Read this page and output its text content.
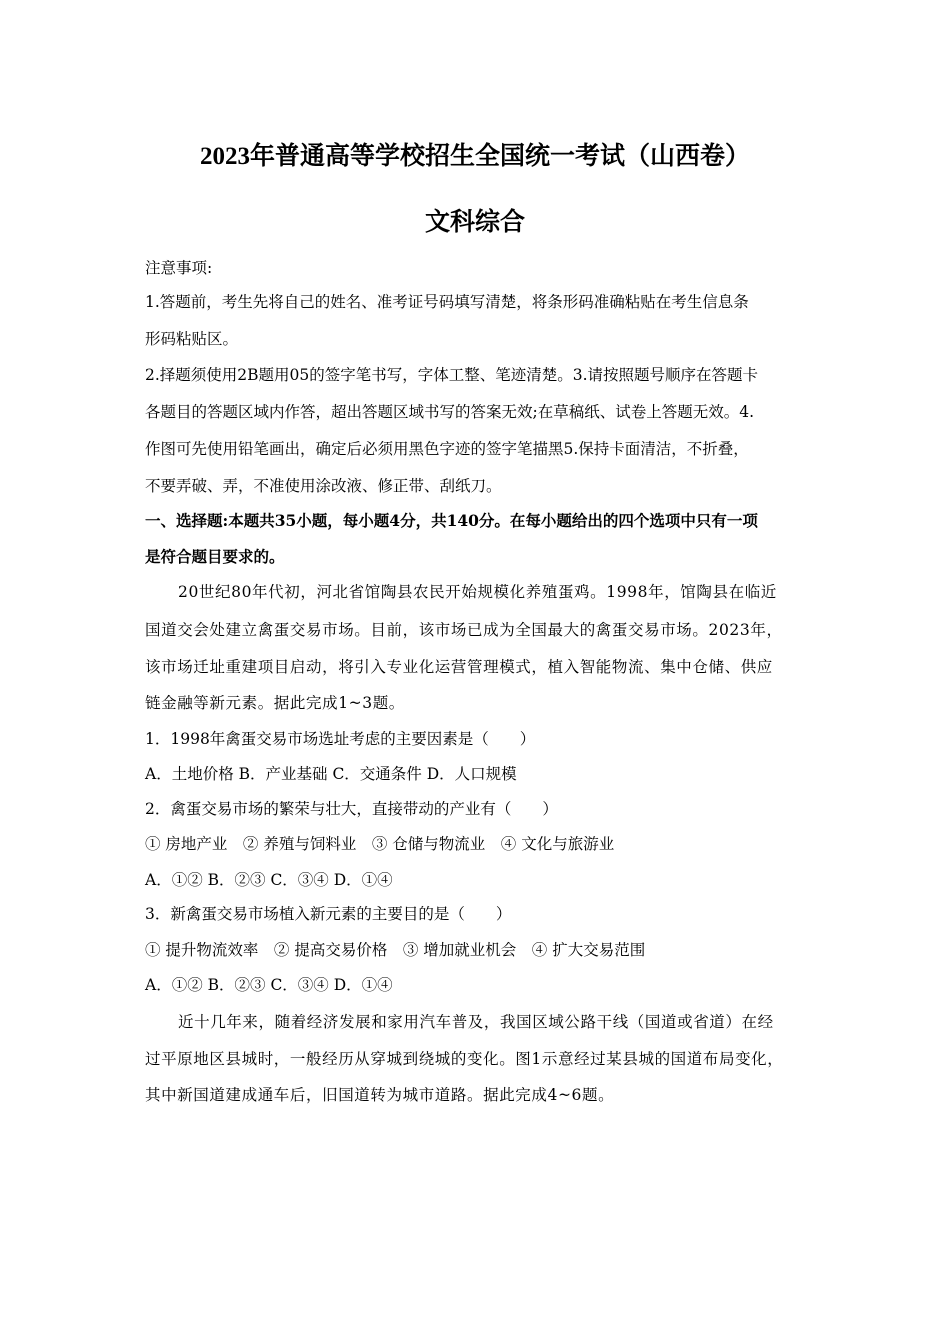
2023年普通高等学校招生全国统一考试（山西卷）
文科综合
注意事项:
1.答题前，考生先将自己的姓名、准考证号码填写清楚，将条形码准确粘贴在考生信息条
形码粘贴区。
2.择题须使用2B题用05的签字笔书写，字体工整、笔迹清楚。3.请按照题号顺序在答题卡
各题目的答题区域内作答，超出答题区域书写的答案无效;在草稿纸、试卷上答题无效。4.
作图可先使用铅笔画出，确定后必须用黑色字迹的签字笔描黑5.保持卡面清洁，不折叠，
不要弄破、弄，不准使用涂改液、修正带、刮纸刀。
一、选择题:本题共35小题，每小题4分，共140分。在每小题给出的四个选项中只有一项
是符合题目要求的。
20世纪80年代初，河北省馆陶县农民开始规模化养殖蛋鸡。1998年，馆陶县在临近
国道交会处建立禽蛋交易市场。目前，该市场已成为全国最大的禽蛋交易市场。2023年，
该市场迁址重建项目启动，将引入专业化运营管理模式，植入智能物流、集中仓储、供应
链金融等新元素。据此完成1~3题。
1．1998年禽蛋交易市场选址考虑的主要因素是（　　）
A．土地价格 B．产业基础 C．交通条件 D．人口规模
2．禽蛋交易市场的繁荣与壮大，直接带动的产业有（　　）
① 房地产业　② 养殖与饲料业　③ 仓储与物流业　④ 文化与旅游业
A．①② B．②③ C．③④ D．①④
3．新禽蛋交易市场植入新元素的主要目的是（　　）
① 提升物流效率　② 提高交易价格　③ 增加就业机会　④ 扩大交易范围
A．①② B．②③ C．③④ D．①④
近十几年来，随着经济发展和家用汽车普及，我国区域公路干线（国道或省道）在经
过平原地区县城时，一般经历从穿城到绕城的变化。图1示意经过某县城的国道布局变化，
其中新国道建成通车后，旧国道转为城市道路。据此完成4~6题。
